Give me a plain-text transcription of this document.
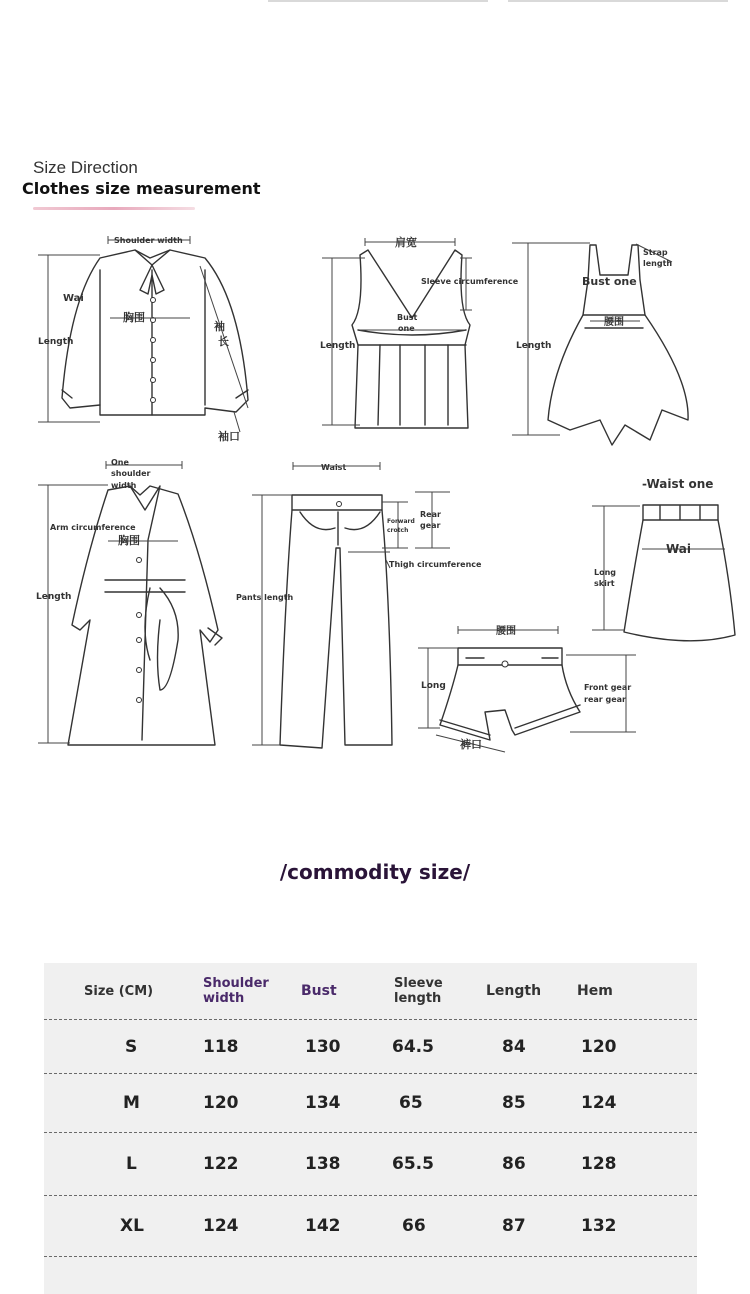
Size Direction
Clothes size measurement
Shoulder width
Wai
胸围
Length
袖
长
袖口
肩宽
Sleeve circumference
Bust
one
Length
Strap
length
Bust one
腰围
Length
One
shoulder
width
Arm circumference
胸围
Length
Waist
Forward
crotch
Rear
gear
Thigh circumference
Pants length
-Waist one
Wai
Long
skirt
腰围
Long	Front gear
rear gear
裤口
/commodity size/
Size (CM)	Shoulder width	Bust	Sleeve length	Length	Hem
S	118	130	64.5	84	120
M	120	134	65	85	124
L	122	138	65.5	86	128
XL	124	142	66	87	132
